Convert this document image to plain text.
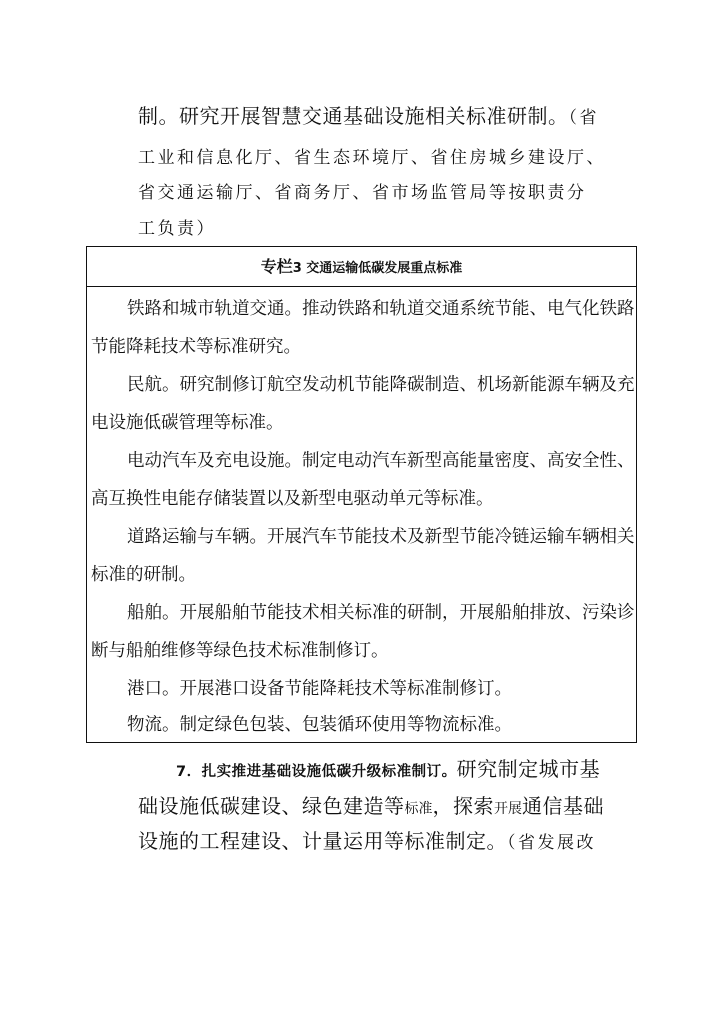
制。研究开展智慧交通基础设施相关标准研制。（省
工业和信息化厅、省生态环境厅、省住房城乡建设厅、
省交通运输厅、省商务厅、省市场监管局等按职责分
工负责）
专栏3 交通运输低碳发展重点标准
铁路和城市轨道交通。推动铁路和轨道交通系统节能、电气化铁路
节能降耗技术等标准研究。
民航。研究制修订航空发动机节能降碳制造、机场新能源车辆及充
电设施低碳管理等标准。
电动汽车及充电设施。制定电动汽车新型高能量密度、高安全性、
高互换性电能存储装置以及新型电驱动单元等标准。
道路运输与车辆。开展汽车节能技术及新型节能冷链运输车辆相关
标准的研制。
船舶。开展船舶节能技术相关标准的研制，开展船舶排放、污染诊
断与船舶维修等绿色技术标准制修订。
港口。开展港口设备节能降耗技术等标准制修订。
物流。制定绿色包装、包装循环使用等物流标准。
7．扎实推进基础设施低碳升级标准制订。研究制定城市基
础设施低碳建设、绿色建造等标准，探索开展通信基础
设施的工程建设、计量运用等标准制定。（省发展改
